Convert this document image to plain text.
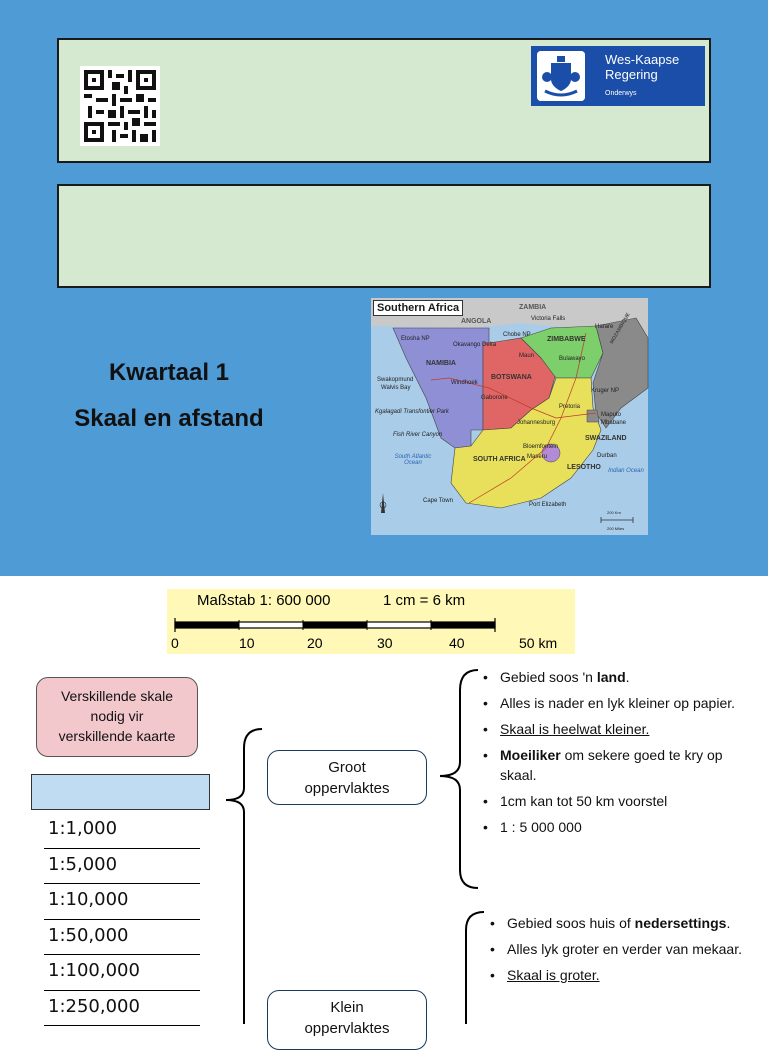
Wes-Kaapse
Regering
Onderwys
Kwartaal 1
Skaal en afstand
Southern Africa	ZAMBIA
ANGOLA
NAMIBIA
BOTSWANA
ZIMBABWE	MOZAMBIQUE
SOUTH AFRICA
SWAZILAND
LESOTHO
Victoria Falls
Chobe NP
Etosha NP
Okavango Delta
Harare
Maun	Bulawayo
Swakopmund
Walvis Bay
Windhoek
Kruger NP
Gaborone
Pretoria
Kgalagadi Transfontier Park
Johannesburg
Maputo
Mbabane
Fish River Canyon
Bloemfontein
Durban
Maseru
Cape Town
Port Elizabeth
South Atlantic Ocean
Indian Ocean
200 Km
200 Miles
Maßstab 1: 600 000	1 cm = 6 km
0	10	20	30	40	50 km
Verskillende skale
nodig vir
verskillende kaarte
1:1,000
1:5,000
1:10,000
1:50,000
1:100,000
1:250,000
Groot
oppervlaktes
Klein
oppervlaktes
• Gebied soos 'n land.
• Alles is nader en lyk kleiner op papier.
• Skaal is heelwat kleiner.
• Moeiliker om sekere goed te kry op skaal.
• 1cm kan tot 50 km voorstel
• 1 : 5 000 000
• Gebied soos huis of nedersettings.
• Alles lyk groter en verder van mekaar.
• Skaal is groter.
